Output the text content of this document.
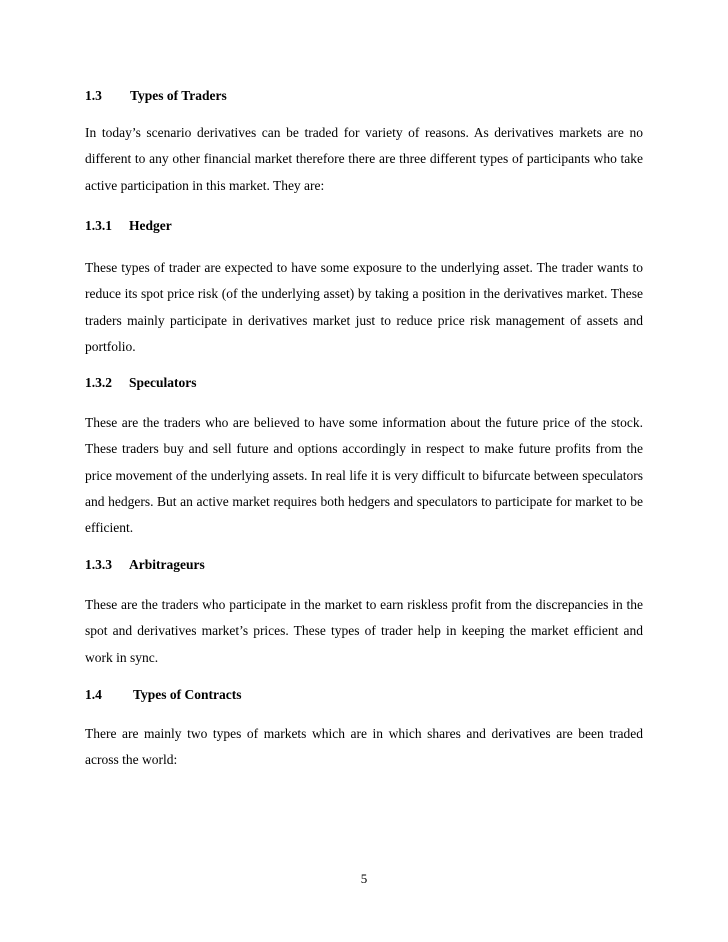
1.3 Types of Traders

In today’s scenario derivatives can be traded for variety of reasons. As derivatives markets are no different to any other financial market therefore there are three different types of participants who take active participation in this market. They are:

1.3.1 Hedger

These types of trader are expected to have some exposure to the underlying asset. The trader wants to reduce its spot price risk (of the underlying asset) by taking a position in the derivatives market. These traders mainly participate in derivatives market just to reduce price risk management of assets and portfolio.

1.3.2 Speculators

These are the traders who are believed to have some information about the future price of the stock. These traders buy and sell future and options accordingly in respect to make future profits from the price movement of the underlying assets. In real life it is very difficult to bifurcate between speculators and hedgers. But an active market requires both hedgers and speculators to participate for market to be efficient.

1.3.3 Arbitrageurs

These are the traders who participate in the market to earn riskless profit from the discrepancies in the spot and derivatives market’s prices. These types of trader help in keeping the market efficient and work in sync.

1.4 Types of Contracts

There are mainly two types of markets which are in which shares and derivatives are been traded across the world:

5
